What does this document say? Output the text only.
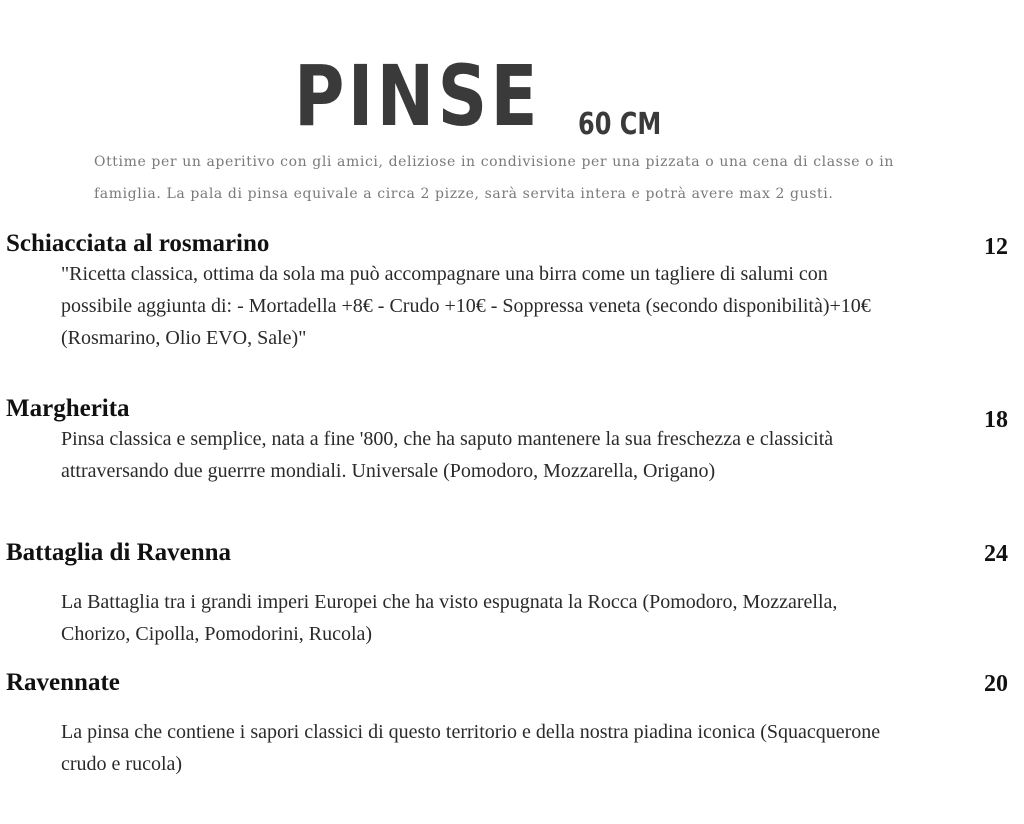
PINSE 60 CM
Ottime per un aperitivo con gli amici, deliziose in condivisione per una pizzata o una cena di classe o in famiglia. La pala di pinsa equivale a circa 2 pizze, sarà servita intera e potrà avere max 2 gusti.
Schiacciata al rosmarino	12
"Ricetta classica, ottima da sola ma può accompagnare una birra come un tagliere di salumi con possibile aggiunta di: - Mortadella +8€ - Crudo +10€ - Soppressa veneta (secondo disponibilità)+10€ (Rosmarino, Olio EVO, Sale)"
Margherita	18
Pinsa classica e semplice, nata a fine '800, che ha saputo mantenere la sua freschezza e classicità attraversando due guerrre mondiali. Universale (Pomodoro, Mozzarella, Origano)
Battaglia di Ravenna	24
La Battaglia tra i grandi imperi Europei che ha visto espugnata la Rocca (Pomodoro, Mozzarella, Chorizo, Cipolla, Pomodorini, Rucola)
Ravennate	20
La pinsa che contiene i sapori classici di questo territorio e della nostra piadina iconica (Squacquerone crudo e rucola)
